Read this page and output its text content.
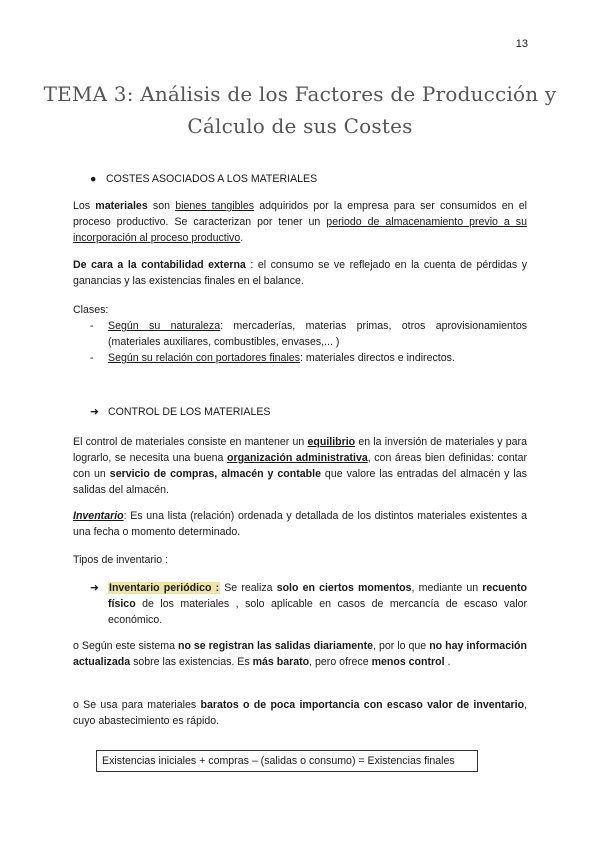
13
TEMA 3: Análisis de los Factores de Producción y
Cálculo de sus Costes
● COSTES ASOCIADOS A LOS MATERIALES

Los materiales son bienes tangibles adquiridos por la empresa para ser consumidos en el proceso productivo. Se caracterizan por tener un periodo de almacenamiento previo a su incorporación al proceso productivo.

De cara a la contabilidad externa : el consumo se ve reflejado en la cuenta de pérdidas y ganancias y las existencias finales en el balance.

Clases:
- Según su naturaleza: mercaderías, materias primas, otros aprovisionamientos (materiales auxiliares, combustibles, envases,... )

- Según su relación con portadores finales: materiales directos e indirectos.

➜ CONTROL DE LOS MATERIALES

El control de materiales consiste en mantener un equilibrio en la inversión de materiales y para lograrlo, se necesita una buena organización administrativa, con áreas bien definidas: contar con un servicio de compras, almacén y contable que valore las entradas del almacén y las salidas del almacén.

Inventario: Es una lista (relación) ordenada y detallada de los distintos materiales existentes a una fecha o momento determinado.

Tipos de inventario :
➜ Inventario periódico : Se realiza solo en ciertos momentos, mediante un recuento físico de los materiales , solo aplicable en casos de mercancía de escaso valor económico.

o Según este sistema no se registran las salidas diariamente, por lo que no hay información actualizada sobre las existencias. Es más barato, pero ofrece menos control .

o Se usa para materiales baratos o de poca importancia con escaso valor de inventario, cuyo abastecimiento es rápido.

Existencias iniciales + compras – (salidas o consumo) = Existencias finales
